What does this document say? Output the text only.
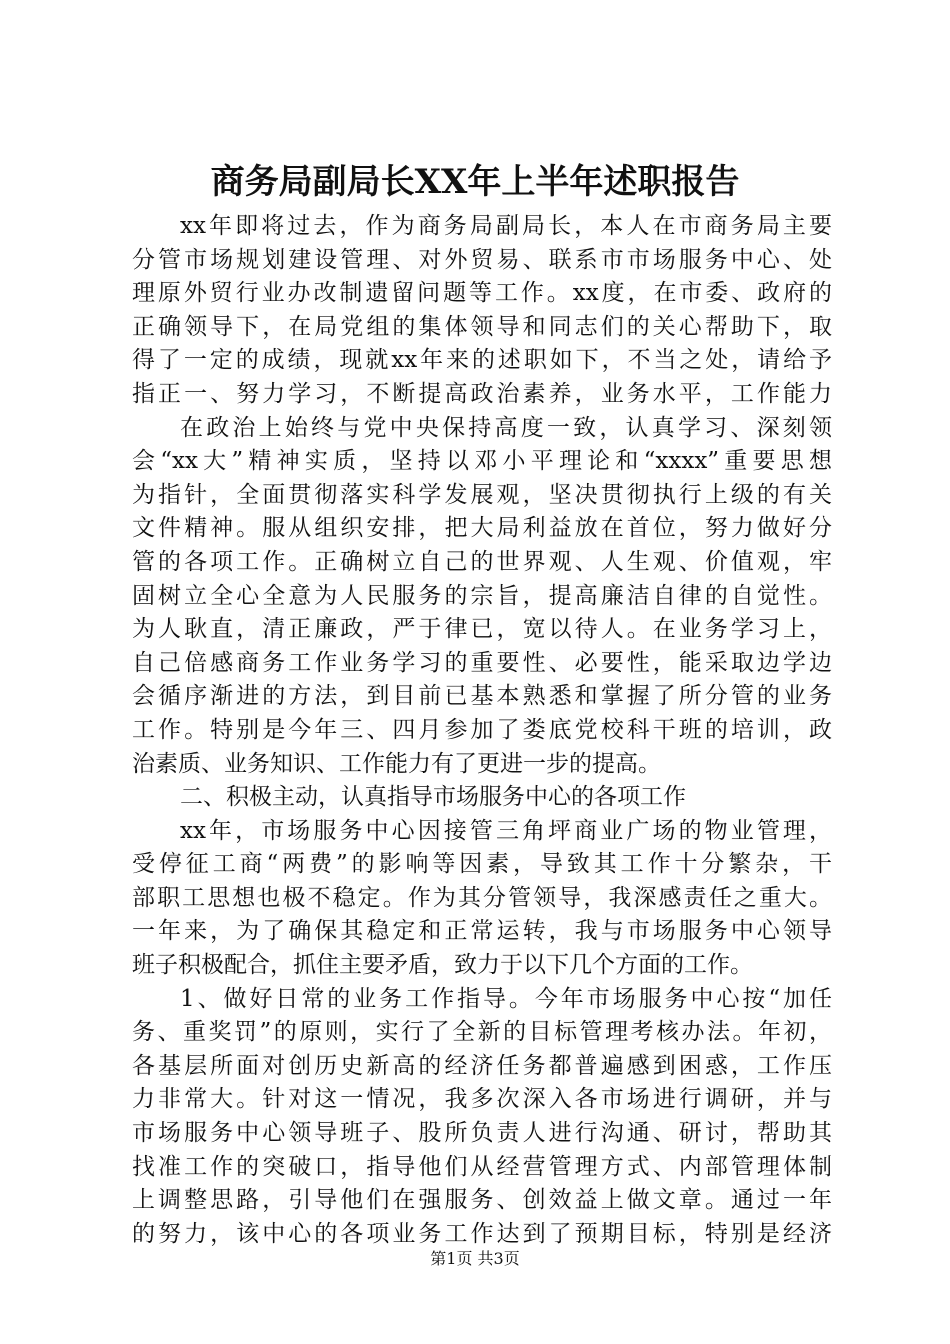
商务局副局长XX年上半年述职报告
xx年即将过去，作为商务局副局长，本人在市商务局主要
分管市场规划建设管理、对外贸易、联系市市场服务中心、处
理原外贸行业办改制遗留问题等工作。xx度，在市委、政府的
正确领导下，在局党组的集体领导和同志们的关心帮助下，取
得了一定的成绩，现就xx年来的述职如下，不当之处，请给予
指正一、努力学习，不断提高政治素养，业务水平，工作能力
在政治上始终与党中央保持高度一致，认真学习、深刻领
会“xx大”精神实质，坚持以邓小平理论和“xxxx”重要思想
为指针，全面贯彻落实科学发展观，坚决贯彻执行上级的有关
文件精神。服从组织安排，把大局利益放在首位，努力做好分
管的各项工作。正确树立自己的世界观、人生观、价值观，牢
固树立全心全意为人民服务的宗旨，提高廉洁自律的自觉性。
为人耿直，清正廉政，严于律已，宽以待人。在业务学习上，
自己倍感商务工作业务学习的重要性、必要性，能采取边学边
会循序渐进的方法，到目前已基本熟悉和掌握了所分管的业务
工作。特别是今年三、四月参加了娄底党校科干班的培训，政
治素质、业务知识、工作能力有了更进一步的提高。
二、积极主动，认真指导市场服务中心的各项工作
xx年，市场服务中心因接管三角坪商业广场的物业管理，
受停征工商“两费”的影响等因素，导致其工作十分繁杂，干
部职工思想也极不稳定。作为其分管领导，我深感责任之重大。
一年来，为了确保其稳定和正常运转，我与市场服务中心领导
班子积极配合，抓住主要矛盾，致力于以下几个方面的工作。
1、做好日常的业务工作指导。今年市场服务中心按“加任
务、重奖罚”的原则，实行了全新的目标管理考核办法。年初，
各基层所面对创历史新高的经济任务都普遍感到困惑，工作压
力非常大。针对这一情况，我多次深入各市场进行调研，并与
市场服务中心领导班子、股所负责人进行沟通、研讨，帮助其
找准工作的突破口，指导他们从经营管理方式、内部管理体制
上调整思路，引导他们在强服务、创效益上做文章。通过一年
的努力，该中心的各项业务工作达到了预期目标，特别是经济
第1页 共3页
